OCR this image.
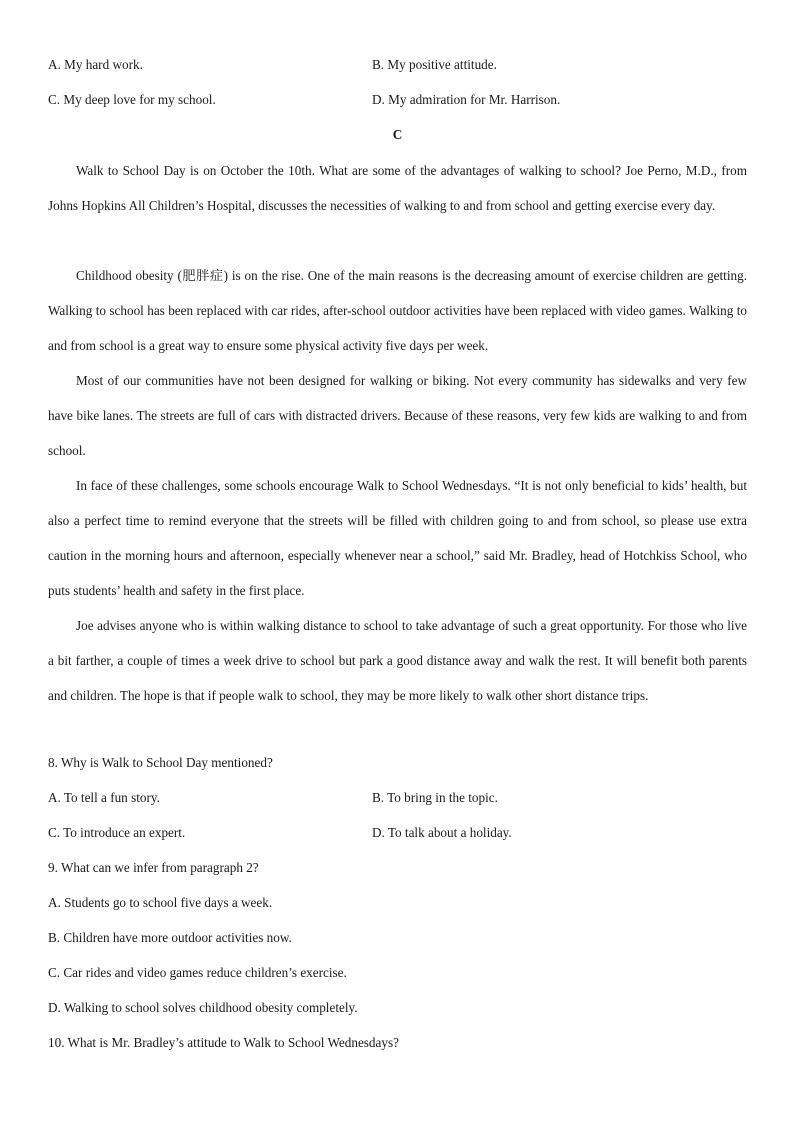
A. My hard work.	B. My positive attitude.
C. My deep love for my school.	D. My admiration for Mr. Harrison.
C

Walk to School Day is on October the 10th. What are some of the advantages of walking to school? Joe Perno, M.D., from Johns Hopkins All Children’s Hospital, discusses the necessities of walking to and from school and getting exercise every day.

Childhood obesity (肥胖症) is on the rise. One of the main reasons is the decreasing amount of exercise children are getting. Walking to school has been replaced with car rides, after-school outdoor activities have been replaced with video games. Walking to and from school is a great way to ensure some physical activity five days per week.

Most of our communities have not been designed for walking or biking. Not every community has sidewalks and very few have bike lanes. The streets are full of cars with distracted drivers. Because of these reasons, very few kids are walking to and from school.

In face of these challenges, some schools encourage Walk to School Wednesdays. “It is not only beneficial to kids’ health, but also a perfect time to remind everyone that the streets will be filled with children going to and from school, so please use extra caution in the morning hours and afternoon, especially whenever near a school,” said Mr. Bradley, head of Hotchkiss School, who puts students’ health and safety in the first place.

Joe advises anyone who is within walking distance to school to take advantage of such a great opportunity. For those who live a bit farther, a couple of times a week drive to school but park a good distance away and walk the rest. It will benefit both parents and children. The hope is that if people walk to school, they may be more likely to walk other short distance trips.

8. Why is Walk to School Day mentioned?
A. To tell a fun story.	B. To bring in the topic.
C. To introduce an expert.	D. To talk about a holiday.
9. What can we infer from paragraph 2?
A. Students go to school five days a week.
B. Children have more outdoor activities now.
C. Car rides and video games reduce children’s exercise.
D. Walking to school solves childhood obesity completely.
10. What is Mr. Bradley’s attitude to Walk to School Wednesdays?
